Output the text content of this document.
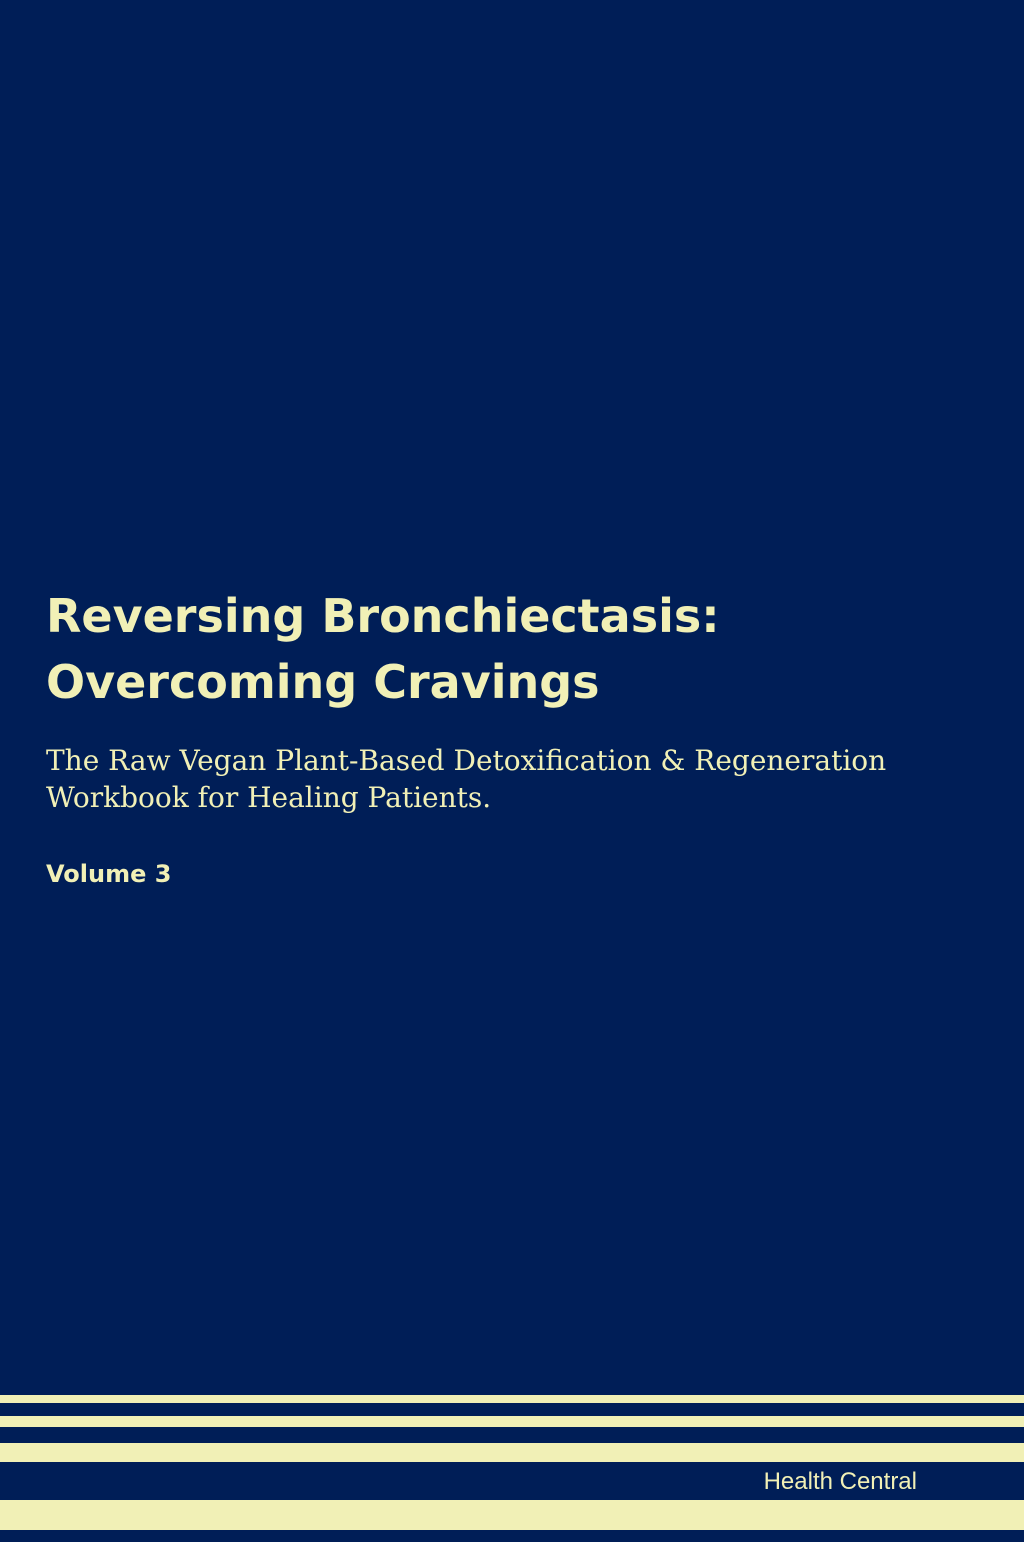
Reversing Bronchiectasis:
Overcoming Cravings

The Raw Vegan Plant-Based Detoxification & Regeneration
Workbook for Healing Patients.

Volume 3

Health Central
